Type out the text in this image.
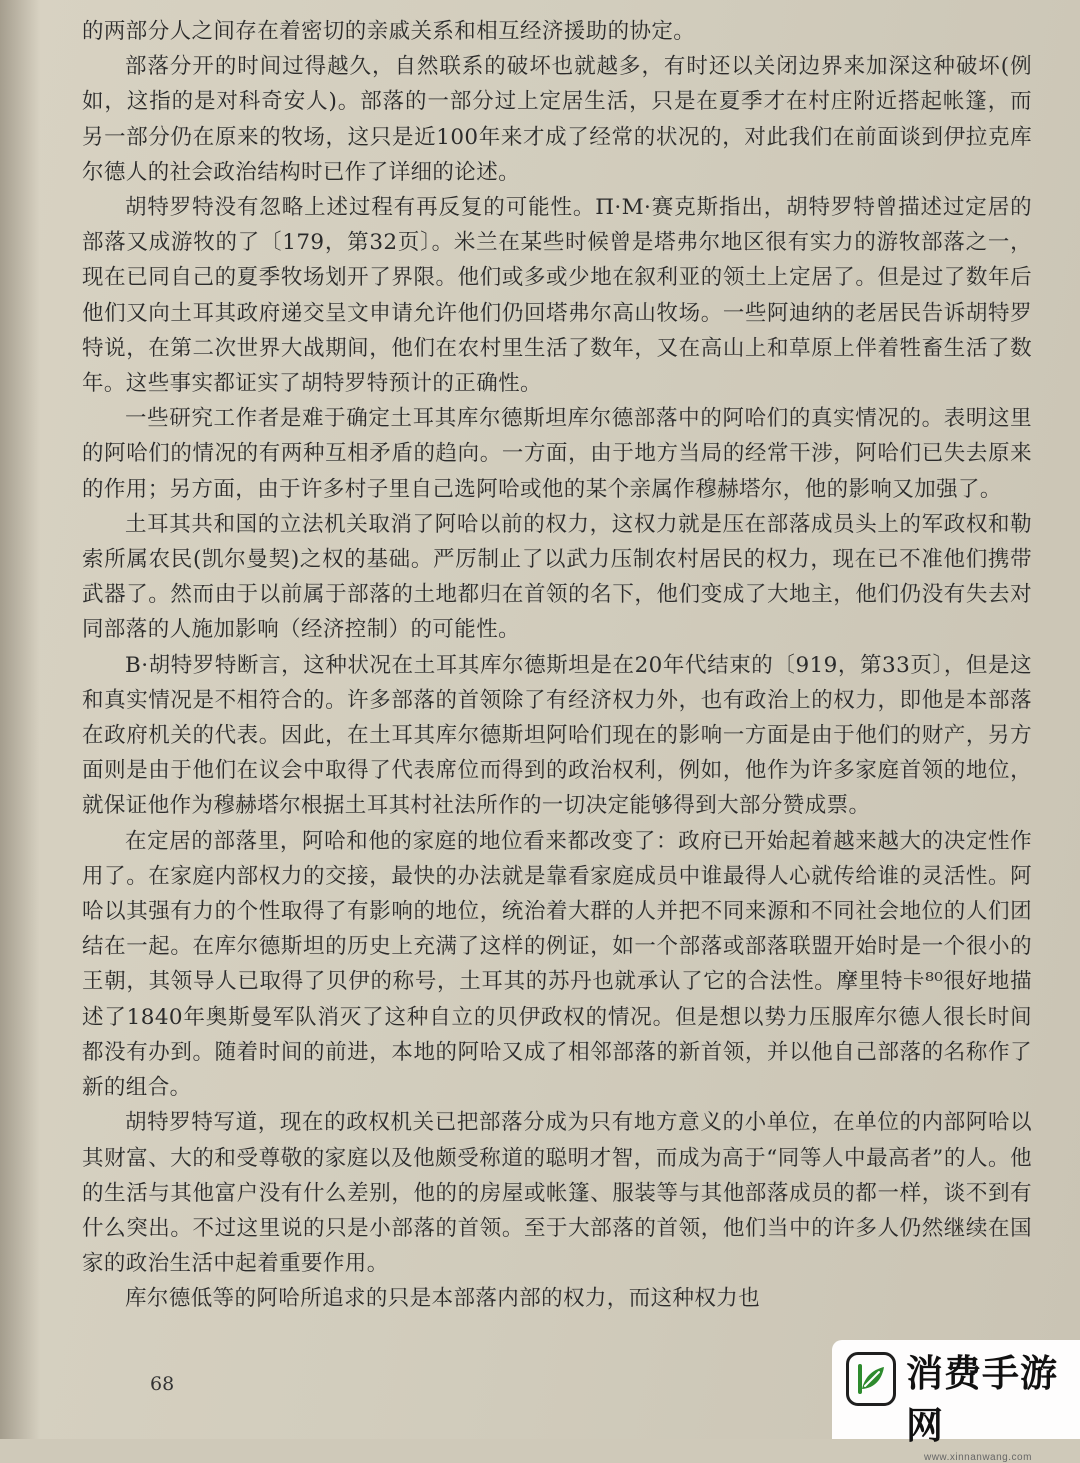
的两部分人之间存在着密切的亲戚关系和相互经济援助的协定。

部落分开的时间过得越久，自然联系的破坏也就越多，有时还以关闭边界来加深这种破坏(例如，这指的是对科奇安人)。部落的一部分过上定居生活，只是在夏季才在村庄附近搭起帐篷，而另一部分仍在原来的牧场，这只是近100年来才成了经常的状况的，对此我们在前面谈到伊拉克库尔德人的社会政治结构时已作了详细的论述。

胡特罗特没有忽略上述过程有再反复的可能性。П·М·赛克斯指出，胡特罗特曾描述过定居的部落又成游牧的了〔179，第32页〕。米兰在某些时候曾是塔弗尔地区很有实力的游牧部落之一，现在已同自己的夏季牧场划开了界限。他们或多或少地在叙利亚的领土上定居了。但是过了数年后他们又向土耳其政府递交呈文申请允许他们仍回塔弗尔高山牧场。一些阿迪纳的老居民告诉胡特罗特说，在第二次世界大战期间，他们在农村里生活了数年，又在高山上和草原上伴着牲畜生活了数年。这些事实都证实了胡特罗特预计的正确性。

一些研究工作者是难于确定土耳其库尔德斯坦库尔德部落中的阿哈们的真实情况的。表明这里的阿哈们的情况的有两种互相矛盾的趋向。一方面，由于地方当局的经常干涉，阿哈们已失去原来的作用；另方面，由于许多村子里自己选阿哈或他的某个亲属作穆赫塔尔，他的影响又加强了。

土耳其共和国的立法机关取消了阿哈以前的权力，这权力就是压在部落成员头上的军政权和勒索所属农民(凯尔曼契)之权的基础。严厉制止了以武力压制农村居民的权力，现在已不准他们携带武器了。然而由于以前属于部落的土地都归在首领的名下，他们变成了大地主，他们仍没有失去对同部落的人施加影响（经济控制）的可能性。

B·胡特罗特断言，这种状况在土耳其库尔德斯坦是在20年代结束的〔919，第33页〕，但是这和真实情况是不相符合的。许多部落的首领除了有经济权力外，也有政治上的权力，即他是本部落在政府机关的代表。因此，在土耳其库尔德斯坦阿哈们现在的影响一方面是由于他们的财产，另方面则是由于他们在议会中取得了代表席位而得到的政治权利，例如，他作为许多家庭首领的地位，就保证他作为穆赫塔尔根据土耳其村社法所作的一切决定能够得到大部分赞成票。

在定居的部落里，阿哈和他的家庭的地位看来都改变了：政府已开始起着越来越大的决定性作用了。在家庭内部权力的交接，最快的办法就是靠看家庭成员中谁最得人心就传给谁的灵活性。阿哈以其强有力的个性取得了有影响的地位，统治着大群的人并把不同来源和不同社会地位的人们团结在一起。在库尔德斯坦的历史上充满了这样的例证，如一个部落或部落联盟开始时是一个很小的王朝，其领导人已取得了贝伊的称号，土耳其的苏丹也就承认了它的合法性。摩里特卡⁸⁰很好地描述了1840年奥斯曼军队消灭了这种自立的贝伊政权的情况。但是想以势力压服库尔德人很长时间都没有办到。随着时间的前进，本地的阿哈又成了相邻部落的新首领，并以他自己部落的名称作了新的组合。

胡特罗特写道，现在的政权机关已把部落分成为只有地方意义的小单位，在单位的内部阿哈以其财富、大的和受尊敬的家庭以及他颇受称道的聪明才智，而成为高于“同等人中最高者”的人。他的生活与其他富户没有什么差别，他的的房屋或帐篷、服装等与其他部落成员的都一样，谈不到有什么突出。不过这里说的只是小部落的首领。至于大部落的首领，他们当中的许多人仍然继续在国家的政治生活中起着重要作用。

库尔德低等的阿哈所追求的只是本部落内部的权力，而这种权力也

68	消费手游网
www.xinnanwang.com
